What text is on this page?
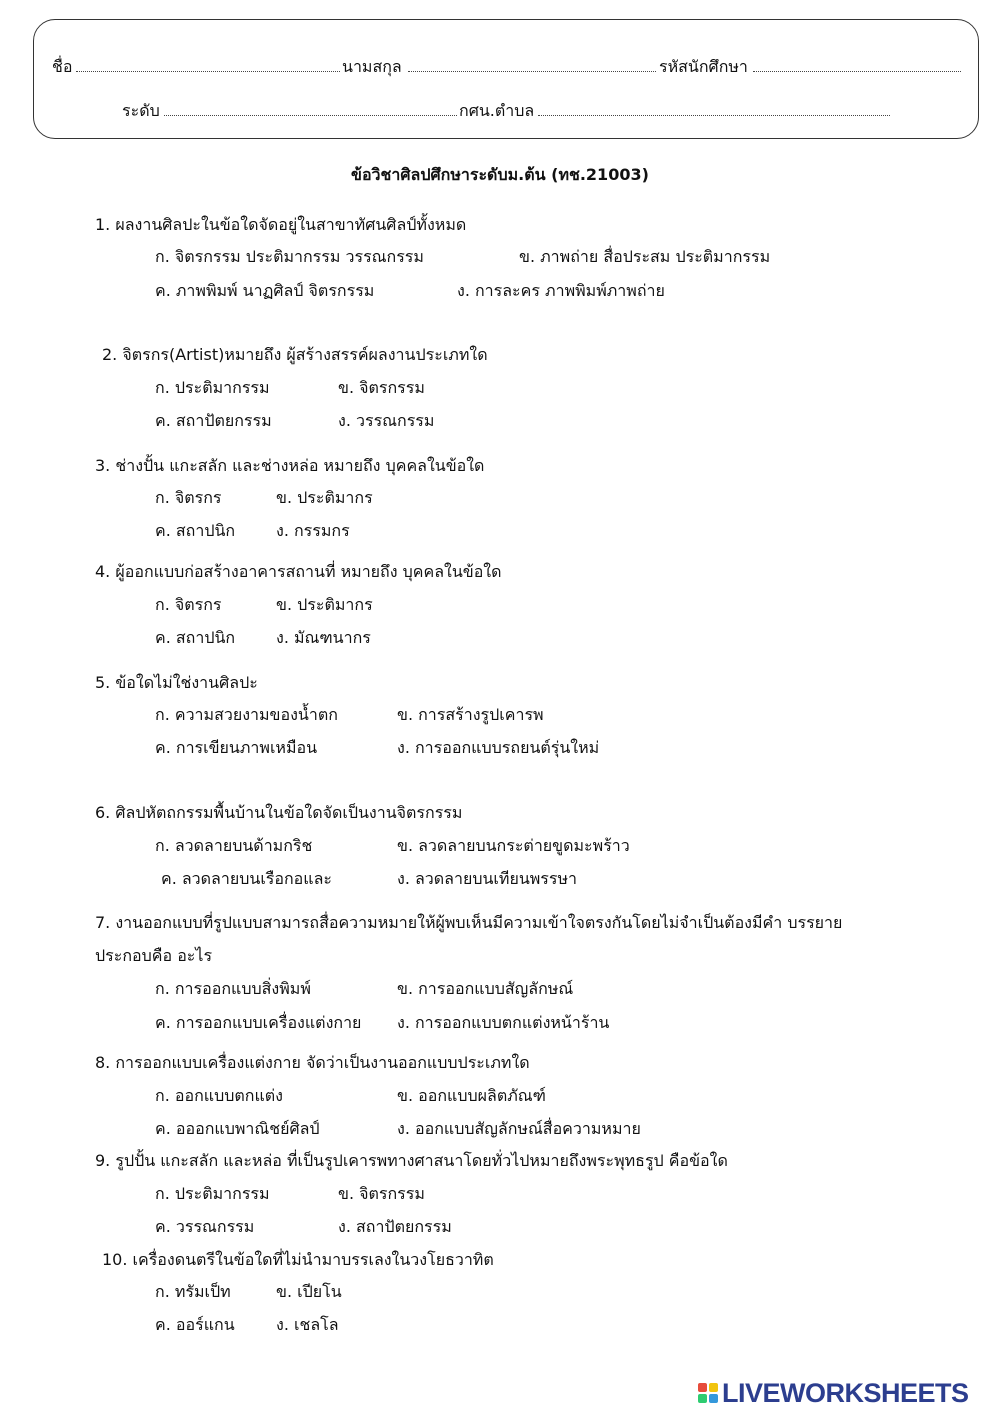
ชื่อ	นามสกุล	รหัสนักศึกษา
ระดับ	กศน.ตำบล
ข้อวิชาศิลปศึกษาระดับม.ต้น (ทช.21003)
1. ผลงานศิลปะในข้อใดจัดอยู่ในสาขาทัศนศิลป์ทั้งหมด
ก. จิตรกรรม ประติมากรรม วรรณกรรม	ข. ภาพถ่าย สื่อประสม ประติมากรรม
ค. ภาพพิมพ์ นาฏศิลป์ จิตรกรรม	ง. การละคร ภาพพิมพ์ภาพถ่าย
2. จิตรกร(Artist)หมายถึง ผู้สร้างสรรค์ผลงานประเภทใด
ก. ประติมากรรม	ข. จิตรกรรม
ค. สถาปัตยกรรม	ง. วรรณกรรม
3. ช่างปั้น แกะสลัก และช่างหล่อ หมายถึง บุคคลในข้อใด
ก. จิตรกร	ข. ประติมากร
ค. สถาปนิก	ง. กรรมกร
4. ผู้ออกแบบก่อสร้างอาคารสถานที่ หมายถึง บุคคลในข้อใด
ก. จิตรกร	ข. ประติมากร
ค. สถาปนิก	ง. มัณฑนากร
5. ข้อใดไม่ใช่งานศิลปะ
ก. ความสวยงามของน้ำตก	ข. การสร้างรูปเคารพ
ค. การเขียนภาพเหมือน	ง. การออกแบบรถยนต์รุ่นใหม่
6. ศิลปหัตถกรรมพื้นบ้านในข้อใดจัดเป็นงานจิตรกรรม
ก. ลวดลายบนด้ามกริช	ข. ลวดลายบนกระต่ายขูดมะพร้าว
ค. ลวดลายบนเรือกอและ	ง. ลวดลายบนเทียนพรรษา
7. งานออกแบบที่รูปแบบสามารถสื่อความหมายให้ผู้พบเห็นมีความเข้าใจตรงกันโดยไม่จำเป็นต้องมีคำ บรรยาย
ประกอบคือ อะไร
ก. การออกแบบสิ่งพิมพ์	ข. การออกแบบสัญลักษณ์
ค. การออกแบบเครื่องแต่งกาย ง. การออกแบบตกแต่งหน้าร้าน
8. การออกแบบเครื่องแต่งกาย จัดว่าเป็นงานออกแบบประเภทใด
ก. ออกแบบตกแต่ง	ข. ออกแบบผลิตภัณฑ์
ค. อออกแบพาณิชย์ศิลป์	ง. ออกแบบสัญลักษณ์สื่อความหมาย
9. รูปปั้น แกะสลัก และหล่อ ที่เป็นรูปเคารพทางศาสนาโดยทั่วไปหมายถึงพระพุทธรูป คือข้อใด
ก. ประติมากรรม	ข. จิตรกรรม
ค. วรรณกรรม	ง. สถาปัตยกรรม
10. เครื่องดนตรีในข้อใดที่ไม่นำมาบรรเลงในวงโยธวาทิต
ก. ทรัมเป็ท	ข. เปียโน
ค. ออร์แกน	ง. เชลโล
LIVEWORKSHEETS
